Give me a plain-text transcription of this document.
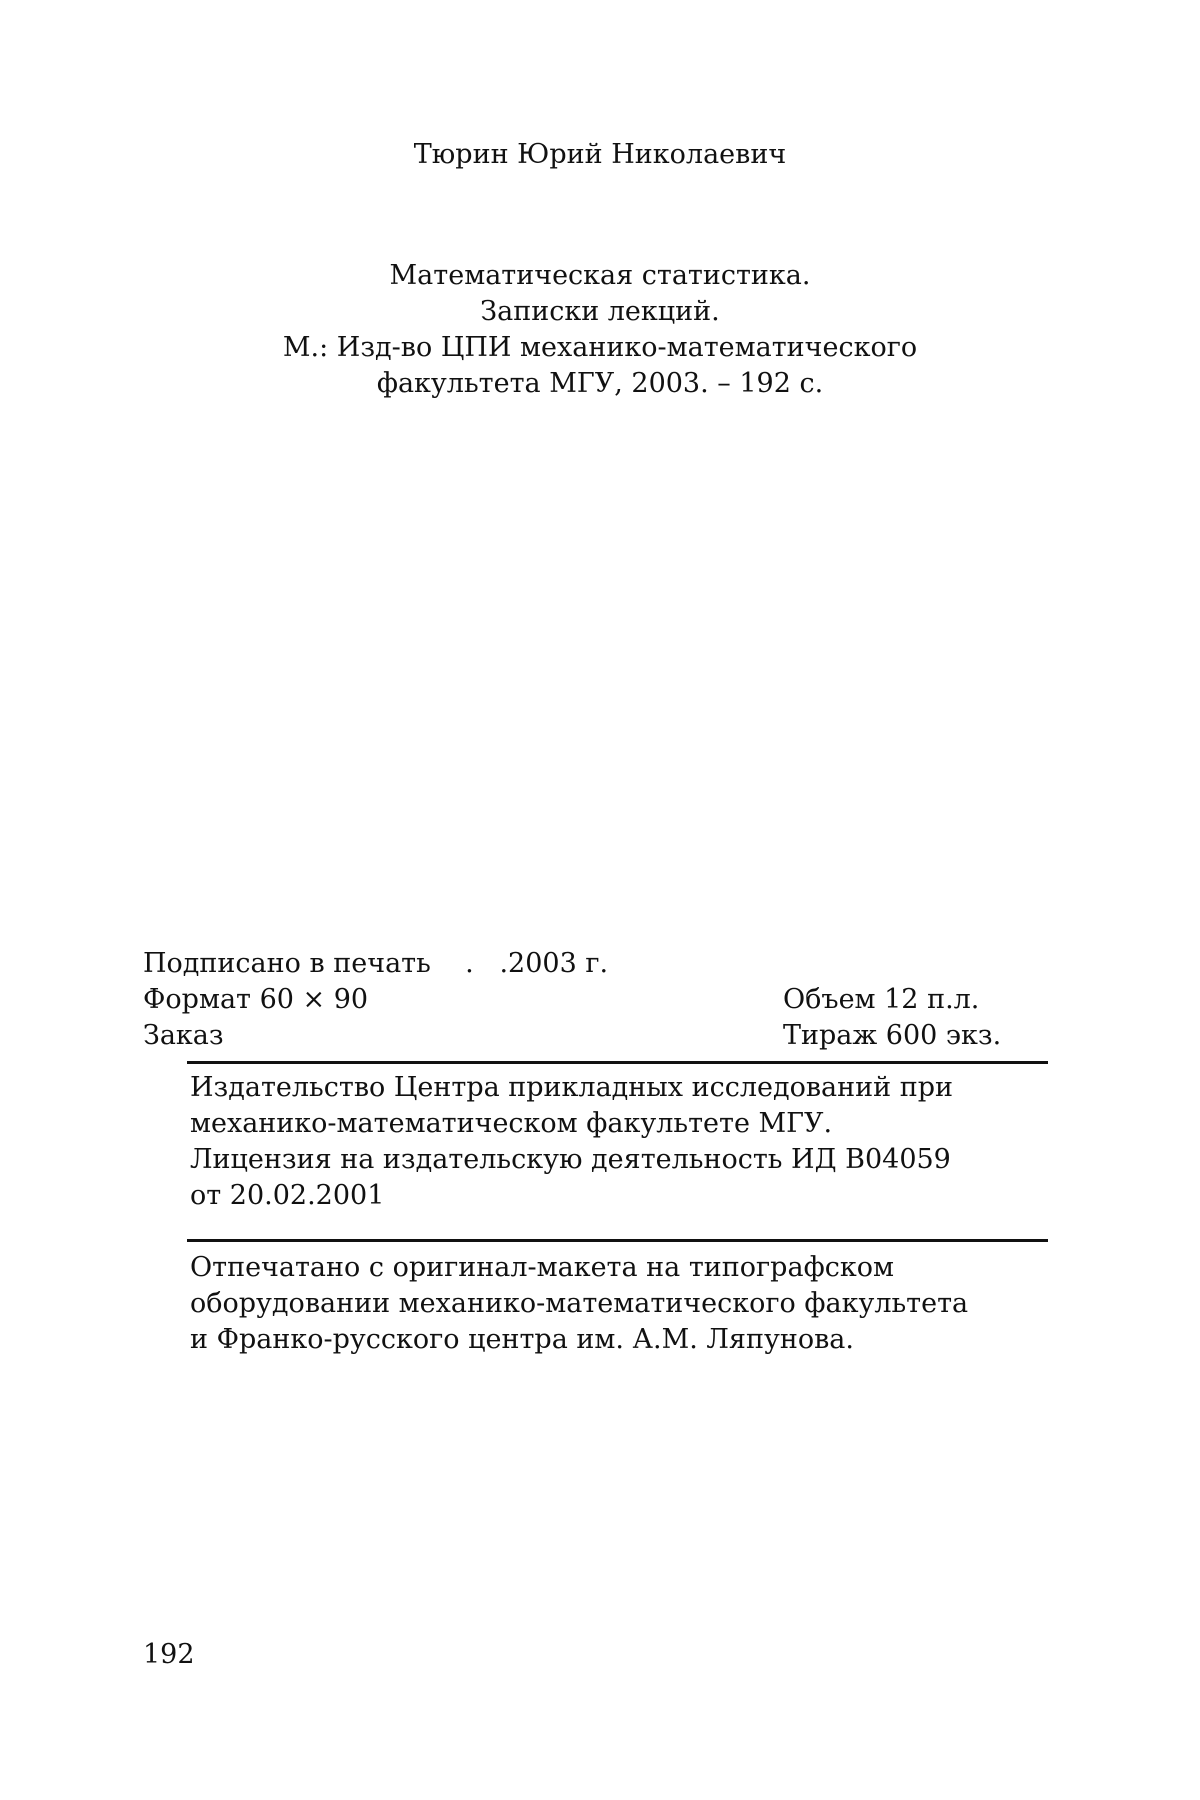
Тюрин Юрий Николаевич
Математическая статистика.
Записки лекций.
М.: Изд-во ЦПИ механико-математического
факультета МГУ, 2003. – 192 с.

Подписано в печать    .   .2003 г.

Формат 60 × 90

	Объем 12 п.л.

Заказ

	Тираж 600 экз.

Издательство Центра прикладных исследований при
механико-математическом факультете МГУ.
Лицензия на издательскую деятельность ИД B04059
от 20.02.2001
Отпечатано с оригинал-макета на типографском
оборудовании механико-математического факультета
и Франко-русского центра им. А.М. Ляпунова.
192
